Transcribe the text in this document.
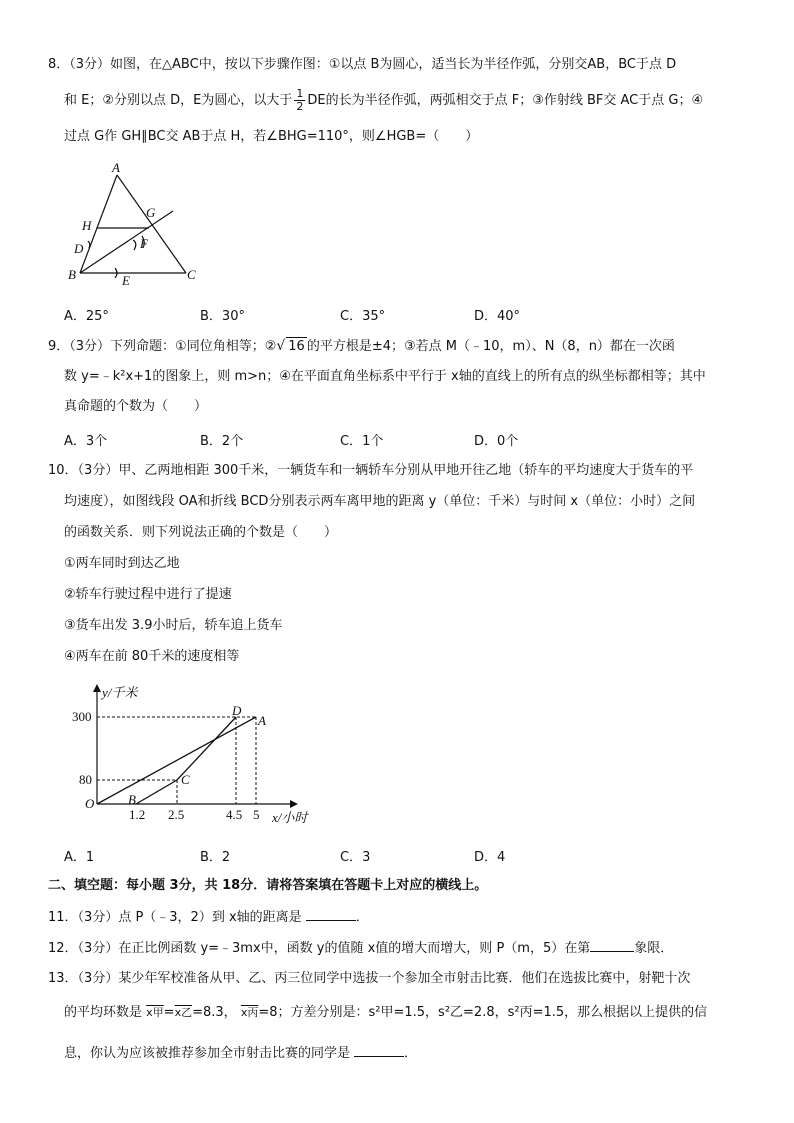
8．（3分）如图，在△ABC中，按以下步骤作图：①以点 B为圆心，适当长为半径作弧，分别交AB，BC于点 D
和 E；②分别以点 D，E为圆心，以大于 $\frac{1}{2}$ DE的长为半径作弧，两弧相交于点 F；③作射线 BF交 AC于点 G；④
过点 G作 GH∥BC交 AB于点 H，若∠BHG=110°，则∠HGB=（　　）
A
B	C
D
E
F
G
H
A．25°	B．30°	C．35°	D．40°
9．（3分）下列命题：①同位角相等；②√ 16 的平方根是±4；③若点 M（﹣10，m）、N（8，n）都在一次函
数 y=﹣k²x+1的图象上，则 m>n；④在平面直角坐标系中平行于 x轴的直线上的所有点的纵坐标都相等；其中
真命题的个数为（　　）
A．3个	B．2个	C．1个	D．0个
10．（3分）甲、乙两地相距 300千米，一辆货车和一辆轿车分别从甲地开往乙地（轿车的平均速度大于货车的平
均速度），如图线段 OA和折线 BCD分别表示两车离甲地的距离 y（单位：千米）与时间 x（单位：小时）之间
的函数关系．则下列说法正确的个数是（　　）
①两车同时到达乙地
②轿车行驶过程中进行了提速
③货车出发 3.9小时后，轿车追上货车
④两车在前 80千米的速度相等
y/千米
x/小时
300
80
O
1.2 2.5	4.5 5
A
B
C
D
A．1	B．2	C．3	D．4
二、填空题：每小题 3分，共 18分．请将答案填在答题卡上对应的横线上。
11．（3分）点 P（﹣3，2）到 x轴的距离是	．
12．（3分）在正比例函数 y=﹣3mx中，函数 y的值随 x值的增大而增大，则 P（m，5）在第	象限．
13．（3分）某少年军校准备从甲、乙、丙三位同学中选拔一个参加全市射击比赛．他们在选拔比赛中，射靶十次
的平均环数是 x甲=x乙=8.3， x丙=8；方差分别是：s²甲=1.5，s²乙=2.8，s²丙=1.5，那么根据以上提供的信
息，你认为应该被推荐参加全市射击比赛的同学是	．
